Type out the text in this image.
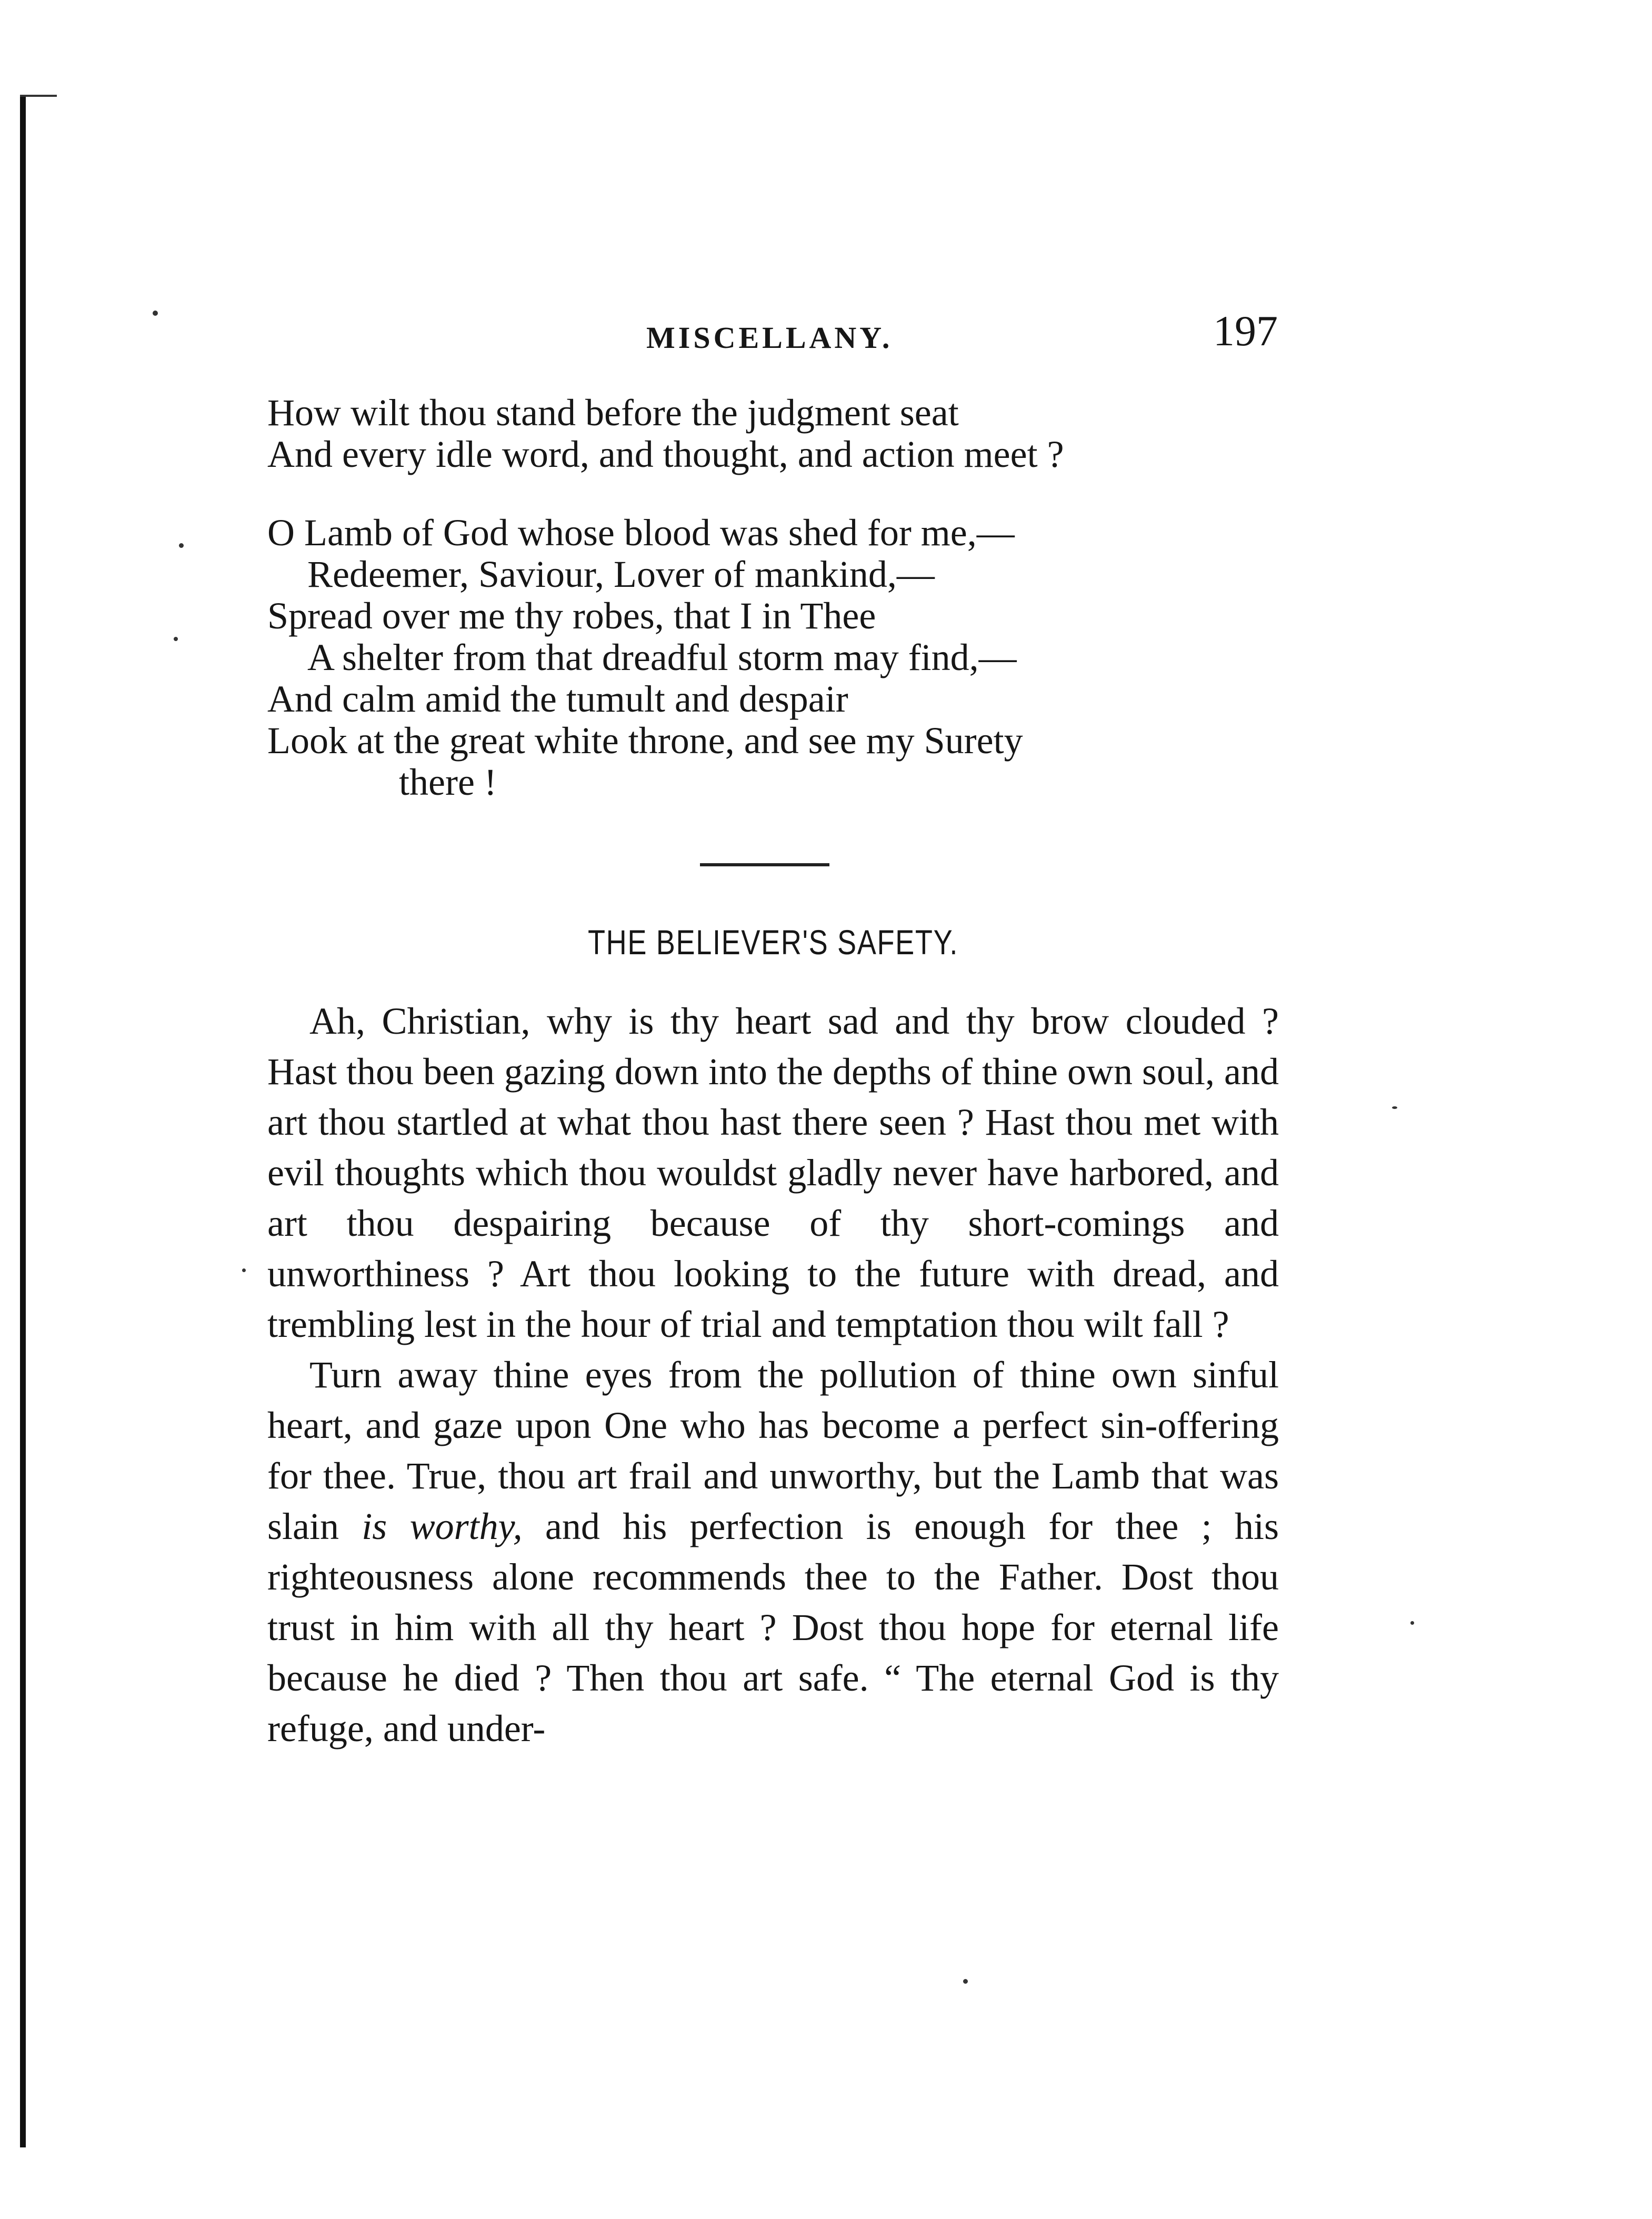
MISCELLANY.	197
How wilt thou stand before the judgment seat
And every idle word, and thought, and action meet ?
O Lamb of God whose blood was shed for me,—
Redeemer, Saviour, Lover of mankind,—
Spread over me thy robes, that I in Thee
A shelter from that dreadful storm may find,—
And calm amid the tumult and despair
Look at the great white throne, and see my Surety
there !
THE BELIEVER'S SAFETY.

Ah, Christian, why is thy heart sad and thy brow clouded ? Hast thou been gazing down into the depths of thine own soul, and art thou startled at what thou hast there seen ? Hast thou met with evil thoughts which thou wouldst gladly never have harbored, and art thou despairing because of thy short-comings and unworthiness ? Art thou looking to the future with dread, and trembling lest in the hour of trial and temptation thou wilt fall ?

Turn away thine eyes from the pollution of thine own sinful heart, and gaze upon One who has become a perfect sin-offering for thee. True, thou art frail and unworthy, but the Lamb that was slain is worthy, and his perfection is enough for thee ; his righteousness alone recommends thee to the Father. Dost thou trust in him with all thy heart ? Dost thou hope for eternal life because he died ? Then thou art safe. “ The eternal God is thy refuge, and under-
